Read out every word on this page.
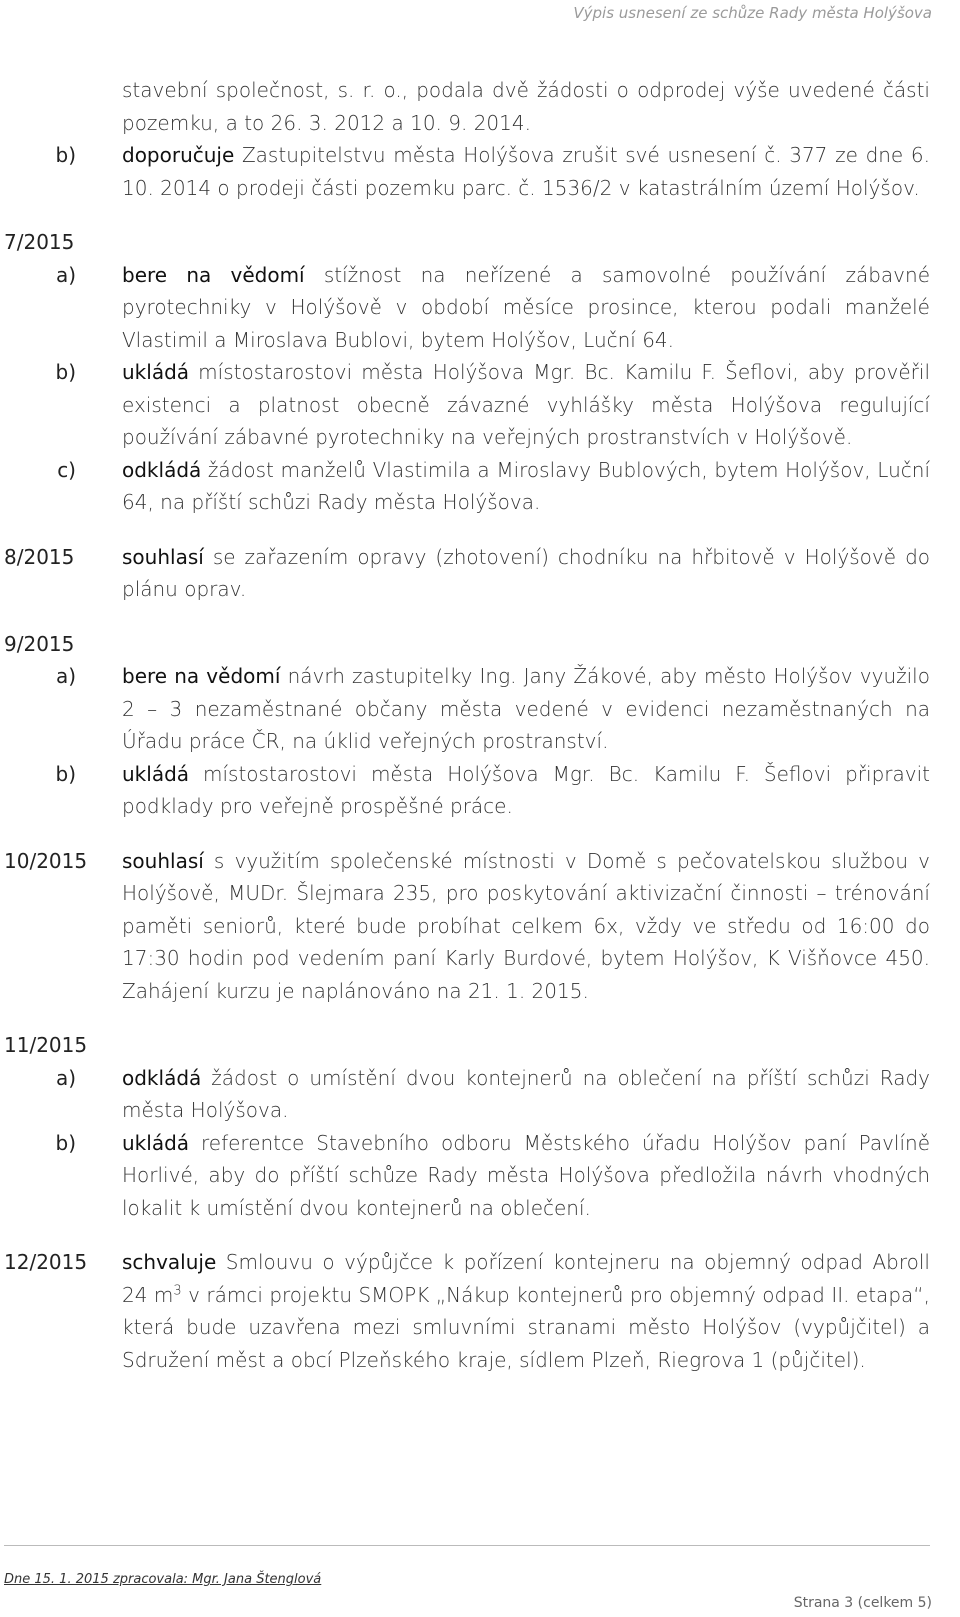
Výpis usnesení ze schůze Rady města Holýšova
stavební společnost, s. r. o., podala dvě žádosti o odprodej výše uvedené části pozemku, a to 26. 3. 2012 a 10. 9. 2014.
b) doporučuje Zastupitelstvu města Holýšova zrušit své usnesení č. 377 ze dne 6. 10. 2014 o prodeji části pozemku parc. č. 1536/2 v katastrálním území Holýšov.
7/2015
a) bere na vědomí stížnost na neřízené a samovolné používání zábavné pyrotechniky v Holýšově v období měsíce prosince, kterou podali manželé Vlastimil a Miroslava Bublovi, bytem Holýšov, Luční 64.
b) ukládá místostarostovi města Holýšova Mgr. Bc. Kamilu F. Šeflovi, aby prověřil existenci a platnost obecně závazné vyhlášky města Holýšova regulující používání zábavné pyrotechniky na veřejných prostranstvích v Holýšově.
c) odkládá žádost manželů Vlastimila a Miroslavy Bublových, bytem Holýšov, Luční 64, na příští schůzi Rady města Holýšova.
8/2015	souhlasí se zařazením opravy (zhotovení) chodníku na hřbitově v Holýšově do plánu oprav.
9/2015
a) bere na vědomí návrh zastupitelky Ing. Jany Žákové, aby město Holýšov využilo 2 – 3 nezaměstnané občany města vedené v evidenci nezaměstnaných na Úřadu práce ČR, na úklid veřejných prostranství.
b) ukládá místostarostovi města Holýšova Mgr. Bc. Kamilu F. Šeflovi připravit podklady pro veřejně prospěšné práce.
10/2015	souhlasí s využitím společenské místnosti v Domě s pečovatelskou službou v Holýšově, MUDr. Šlejmara 235, pro poskytování aktivizační činnosti – trénování paměti seniorů, které bude probíhat celkem 6x, vždy ve středu od 16:00 do 17:30 hodin pod vedením paní Karly Burdové, bytem Holýšov, K Višňovce 450. Zahájení kurzu je naplánováno na 21. 1. 2015.
11/2015
a) odkládá žádost o umístění dvou kontejnerů na oblečení na příští schůzi Rady města Holýšova.
b) ukládá referentce Stavebního odboru Městského úřadu Holýšov paní Pavlíně Horlivé, aby do příští schůze Rady města Holýšova předložila návrh vhodných lokalit k umístění dvou kontejnerů na oblečení.
12/2015	schvaluje Smlouvu o výpůjčce k pořízení kontejneru na objemný odpad Abroll 24 $m^3$ v rámci projektu SMOPK „Nákup kontejnerů pro objemný odpad II. etapa“, která bude uzavřena mezi smluvními stranami město Holýšov (vypůjčitel) a Sdružení měst a obcí Plzeňského kraje, sídlem Plzeň, Riegrova 1 (půjčitel).
Dne 15. 1. 2015 zpracovala: Mgr. Jana Štenglová
Strana 3 (celkem 5)
